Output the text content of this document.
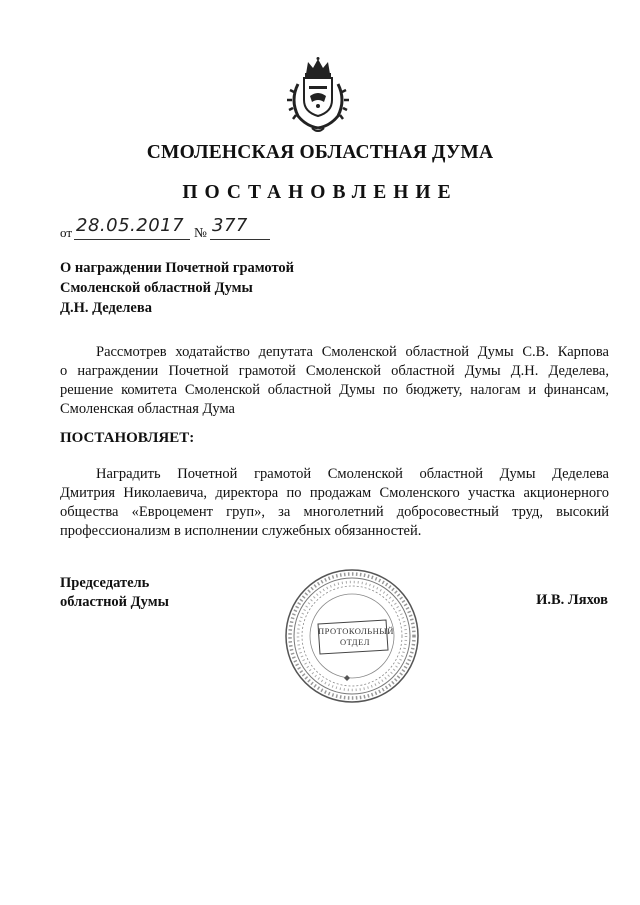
СМОЛЕНСКАЯ ОБЛАСТНАЯ ДУМА
ПОСТАНОВЛЕНИЕ
от 28.05.2017 № 377
О награждении Почетной грамотой
Смоленской областной Думы
Д.Н. Деделева
Рассмотрев ходатайство депутата Смоленской областной Думы С.В. Карпова
о награждении Почетной грамотой Смоленской областной Думы Д.Н. Деделева,
решение комитета Смоленской областной Думы по бюджету, налогам и финансам,
Смоленская областная Дума
ПОСТАНОВЛЯЕТ:
Наградить Почетной грамотой Смоленской областной Думы Деделева
Дмитрия Николаевича, директора по продажам Смоленского участка акционерного
общества «Евроцемент груп», за многолетний добросовестный труд, высокий
профессионализм в исполнении служебных обязанностей.
Председатель
областной Думы	И.В. Ляхов
ПРОТОКОЛЬНЫЙ
ОТДЕЛ
